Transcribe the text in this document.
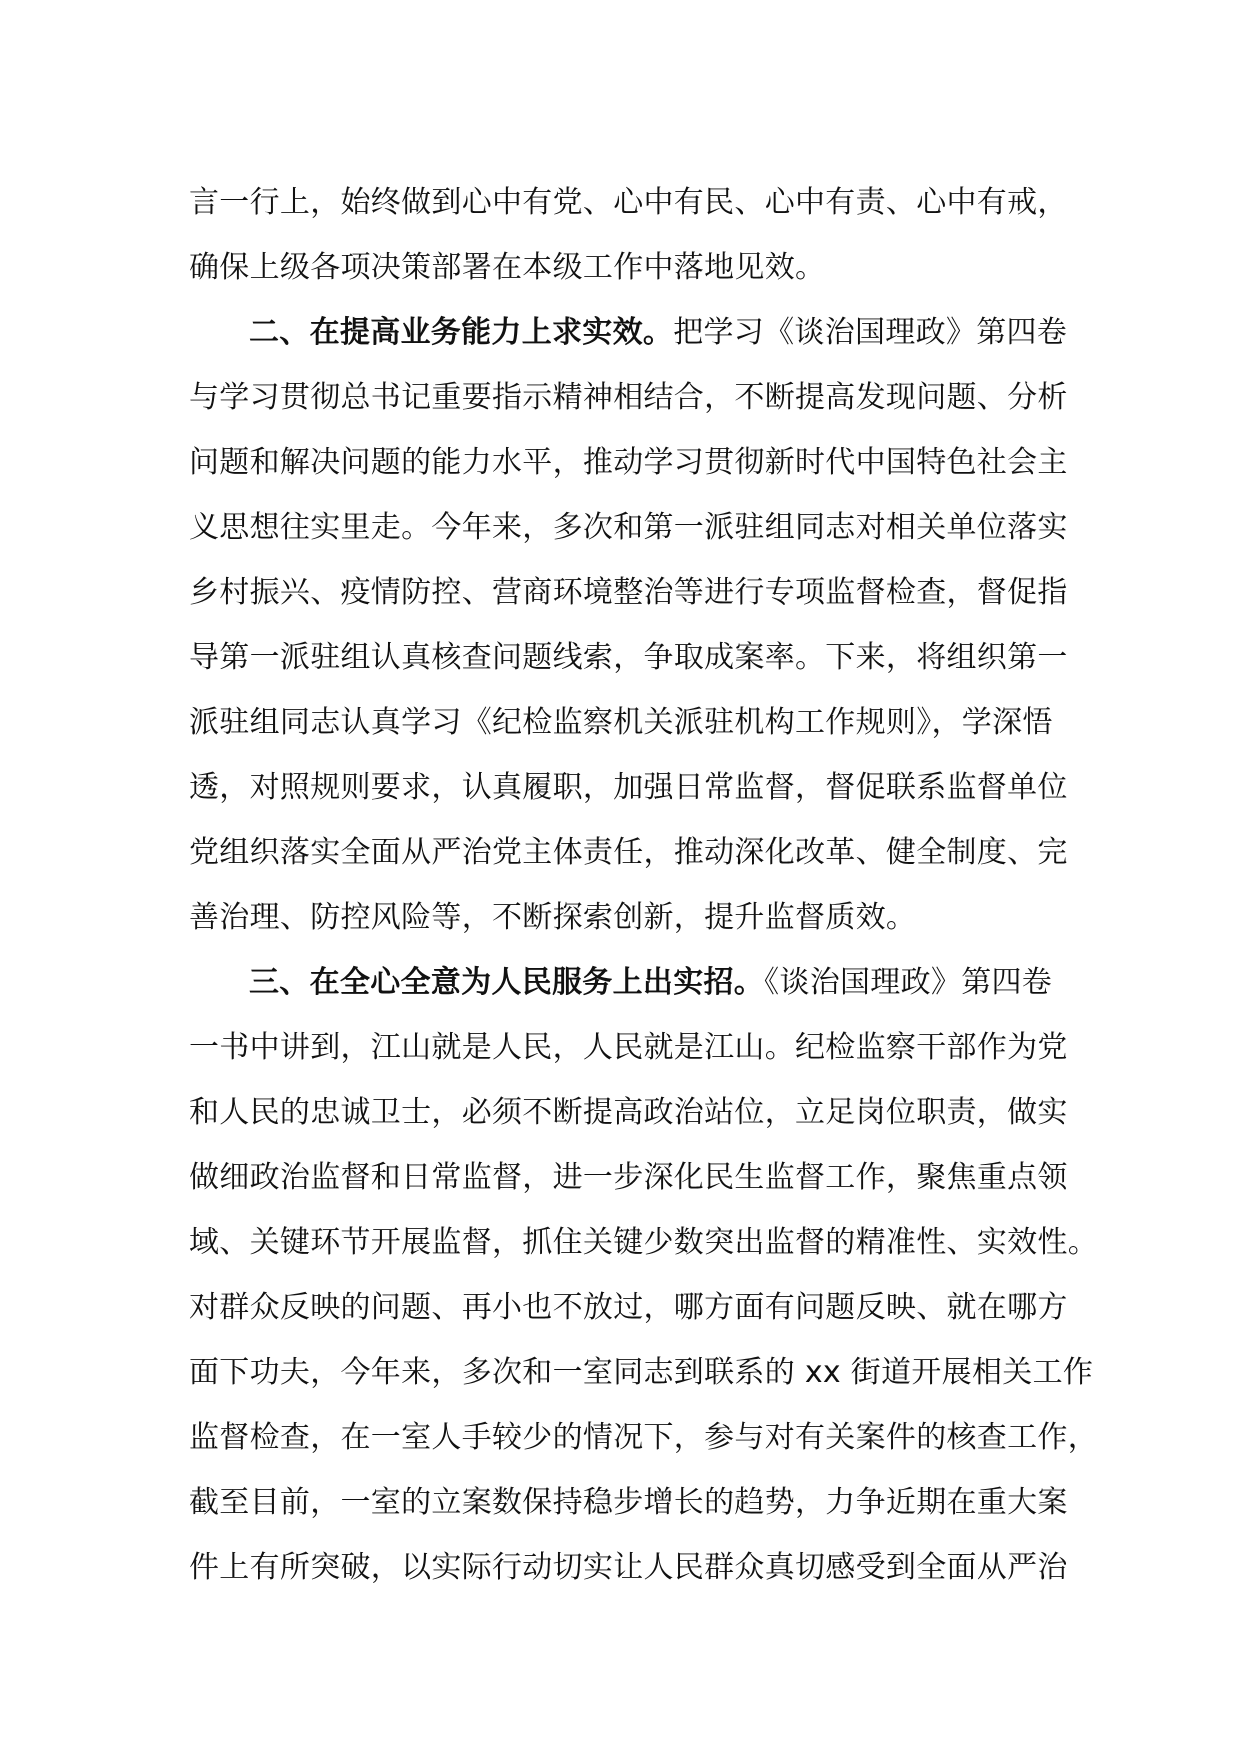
言一行上，始终做到心中有党、心中有民、心中有责、心中有戒，
确保上级各项决策部署在本级工作中落地见效。
二、在提高业务能力上求实效。把学习《谈治国理政》第四卷
与学习贯彻总书记重要指示精神相结合，不断提高发现问题、分析
问题和解决问题的能力水平，推动学习贯彻新时代中国特色社会主
义思想往实里走。今年来，多次和第一派驻组同志对相关单位落实
乡村振兴、疫情防控、营商环境整治等进行专项监督检查，督促指
导第一派驻组认真核查问题线索，争取成案率。下来，将组织第一
派驻组同志认真学习《纪检监察机关派驻机构工作规则》，学深悟
透，对照规则要求，认真履职，加强日常监督，督促联系监督单位
党组织落实全面从严治党主体责任，推动深化改革、健全制度、完
善治理、防控风险等，不断探索创新，提升监督质效。
三、在全心全意为人民服务上出实招。《谈治国理政》第四卷
一书中讲到，江山就是人民，人民就是江山。纪检监察干部作为党
和人民的忠诚卫士，必须不断提高政治站位，立足岗位职责，做实
做细政治监督和日常监督，进一步深化民生监督工作，聚焦重点领
域、关键环节开展监督，抓住关键少数突出监督的精准性、实效性。
对群众反映的问题、再小也不放过，哪方面有问题反映、就在哪方
面下功夫，今年来，多次和一室同志到联系的 xx 街道开展相关工作
监督检查，在一室人手较少的情况下，参与对有关案件的核查工作，
截至目前，一室的立案数保持稳步增长的趋势，力争近期在重大案
件上有所突破，以实际行动切实让人民群众真切感受到全面从严治
